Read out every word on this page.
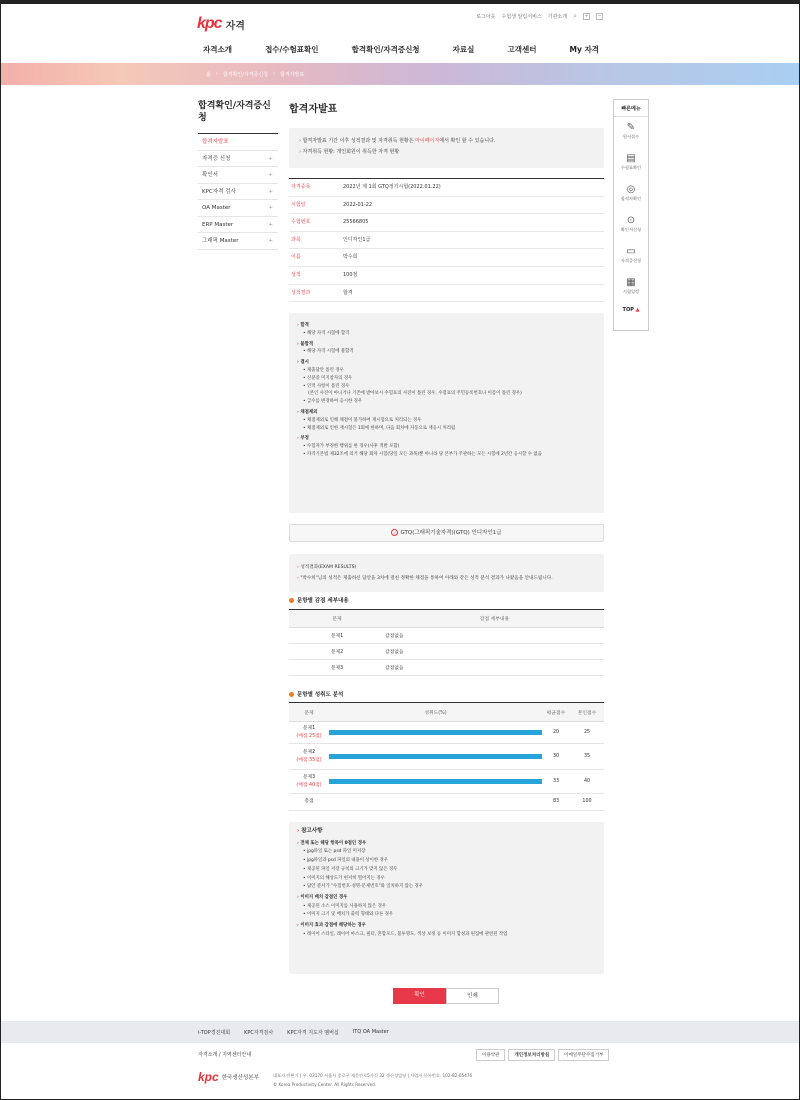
kpc 자격
로그아웃 수험생 알림서비스 기관소개 ⌕ + −
자격소개	접수/수험표확인	합격확인/자격증신청	자료실	고객센터	My 자격
홈 › 합격확인/자격증신청 › 합격자발표
합격확인/자격증신청
합격자발표
자격증 신청	+
확인서	+
KPC자격 검사	+
OA Master	+
ERP Master	+
그래픽 Master	+
합격자발표
› 합격자발표 기간 이후 성적결과 및 자격취득 현황은 마이페이지에서 확인 할 수 있습니다.
› 자격취득 현황: 개인회원이 취득한 자격 현황
자격종목	2022년 제 1회 GTQ정기시험(2022.01.22)
시험일	2022-01-22
수험번호	25566805
과목	인디자인1급
이름	박수희
성적	100점
성적결과	합격
› 합격
• 해당 자격 시험에 합격
› 불합격
• 해당 자격 시험에 불합격
› 결시
• 제출답안 틀린 경우
• 신분증 미지참자의 경우
• 인적 사항이 틀린 경우
(본인 사진이 아니거나 기존에 받아보시 수험표의 사진이 틀린 경우, 수험표의 주민등록번호나 이름이 틀린 경우)
• 급수를 변경하여 응시한 경우
› 채점제외
• 채점제외로 인해 채점이 불가하여 재시험으로 처리되는 경우
• 채점제외로 인한 재시험은 1회에 한하며, 다음 회차에 자동으로 재응시 처리됨
› 부정
• 수험자가 부정한 행위를 한 경우(사후 적발 포함)
• 자격기본법 제32조에 의거 해당 회차 시험(당일 모든 과목)뿐 아니라 당 본부가 주관하는 모든 시험에 2년간 응시할 수 없음
✓ GTQ(그래픽기술자격)(GTQ) 인디자인1급
› 성적결과(EXAM RESULTS)
› "박수희"님의 성적은 제출하신 답안을 3차에 걸친 정확한 채점을 통하여 아래와 같은 성적 분석 결과가 나왔음을 안내드립니다.
문항별 감점 세부내용
문제	감점 세부내용
문제1	감점없음
문제2	감점없음
문제3	감점없음
문항별 성취도 분석
문제	성취도(%)	평균점수	본인점수

문제1
(배점 25점)		20	25

문제2
(배점 35점)		30	35

문제3
(배점 40점)		33	40
총점		83	100
› 참고사항
› 전체 또는 해당 항목이 0점인 경우
• jpg파일 또는 psd 파일 미저장
• jpg파일과 psd 파일의 내용이 상이한 경우
• 제공된 파일 저장 규칙의 크기가 맞지 않은 경우
• 이미지의 해상도가 현저히 떨어지는 경우
• 답안 분서가 "수험번호-성명-문제번호"와 일치하지 않는 경우
› 이미지 배치 감점인 경우
• 제공된 소스 이미지를 사용하지 않은 경우
• 이미지 크기 및 배치가 출력 형태와 다른 경우
› 이미지 효과 감점에 해당하는 경우
• 레이어 스타일, 레이어 마스크, 필터, 혼합모드, 불투명도, 색상 보정 등 이미지 합성과 편집에 관련된 작업
확인	인쇄
빠른메뉴
✎
원서접수
▤
수험표확인
◎
합격자확인
⊙
확인서신청
▭
자격증신청
▦
시험일정
TOP ▲
i-TOP경진대회	KPC자격검사	KPC자격 지도자 멤버십	ITQ OA Master
자격소개 / 지역센터안내	이용약관	개인정보처리방침	이메일무단수집거부
kpc 한국생산성본부	대표자 안완기 | 우. 03170 서울시 종로구 새문안로5가길 32 생산성빌딩 | 사업자 등록번호. 102-82-05476
© Korea Productivity Center. All Rights Reserved.
